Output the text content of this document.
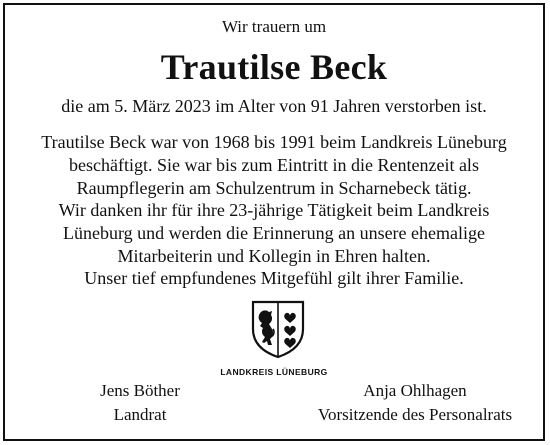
Wir trauern um
Trautilse Beck
die am 5. März 2023 im Alter von 91 Jahren verstorben ist.
Trautilse Beck war von 1968 bis 1991 beim Landkreis Lüneburg
beschäftigt. Sie war bis zum Eintritt in die Rentenzeit als
Raumpflegerin am Schulzentrum in Scharnebeck tätig.
Wir danken ihr für ihre 23-jährige Tätigkeit beim Landkreis
Lüneburg und werden die Erinnerung an unsere ehemalige
Mitarbeiterin und Kollegin in Ehren halten.
Unser tief empfundenes Mitgefühl gilt ihrer Familie.
LANDKREIS LÜNEBURG
Jens Böther
Landrat
Anja Ohlhagen
Vorsitzende des Personalrats
